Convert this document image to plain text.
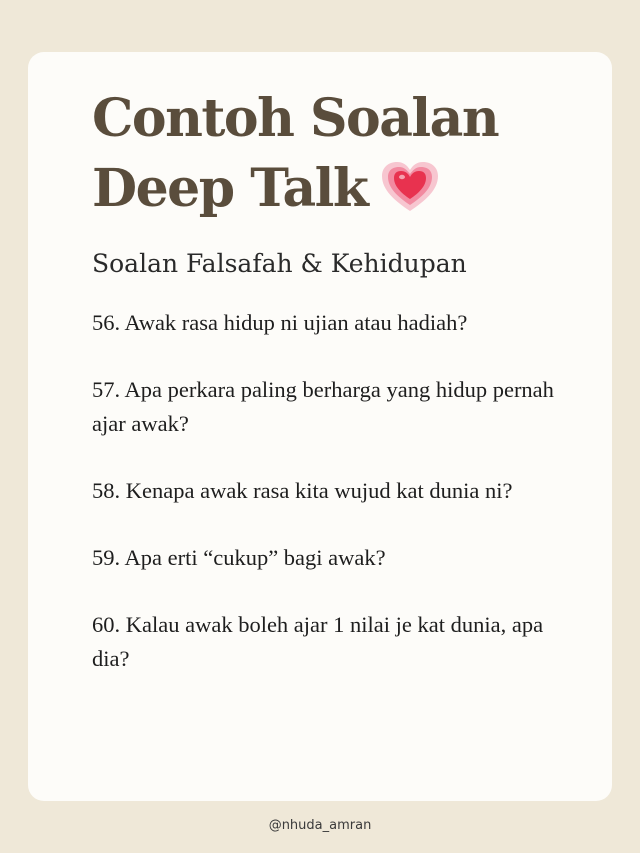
Contoh Soalan
Deep Talk

Soalan Falsafah & Kehidupan

56. Awak rasa hidup ni ujian atau hadiah?
57. Apa perkara paling berharga yang hidup pernah ajar awak?
58. Kenapa awak rasa kita wujud kat dunia ni?
59. Apa erti “cukup” bagi awak?
60. Kalau awak boleh ajar 1 nilai je kat dunia, apa dia?
@nhuda_amran
